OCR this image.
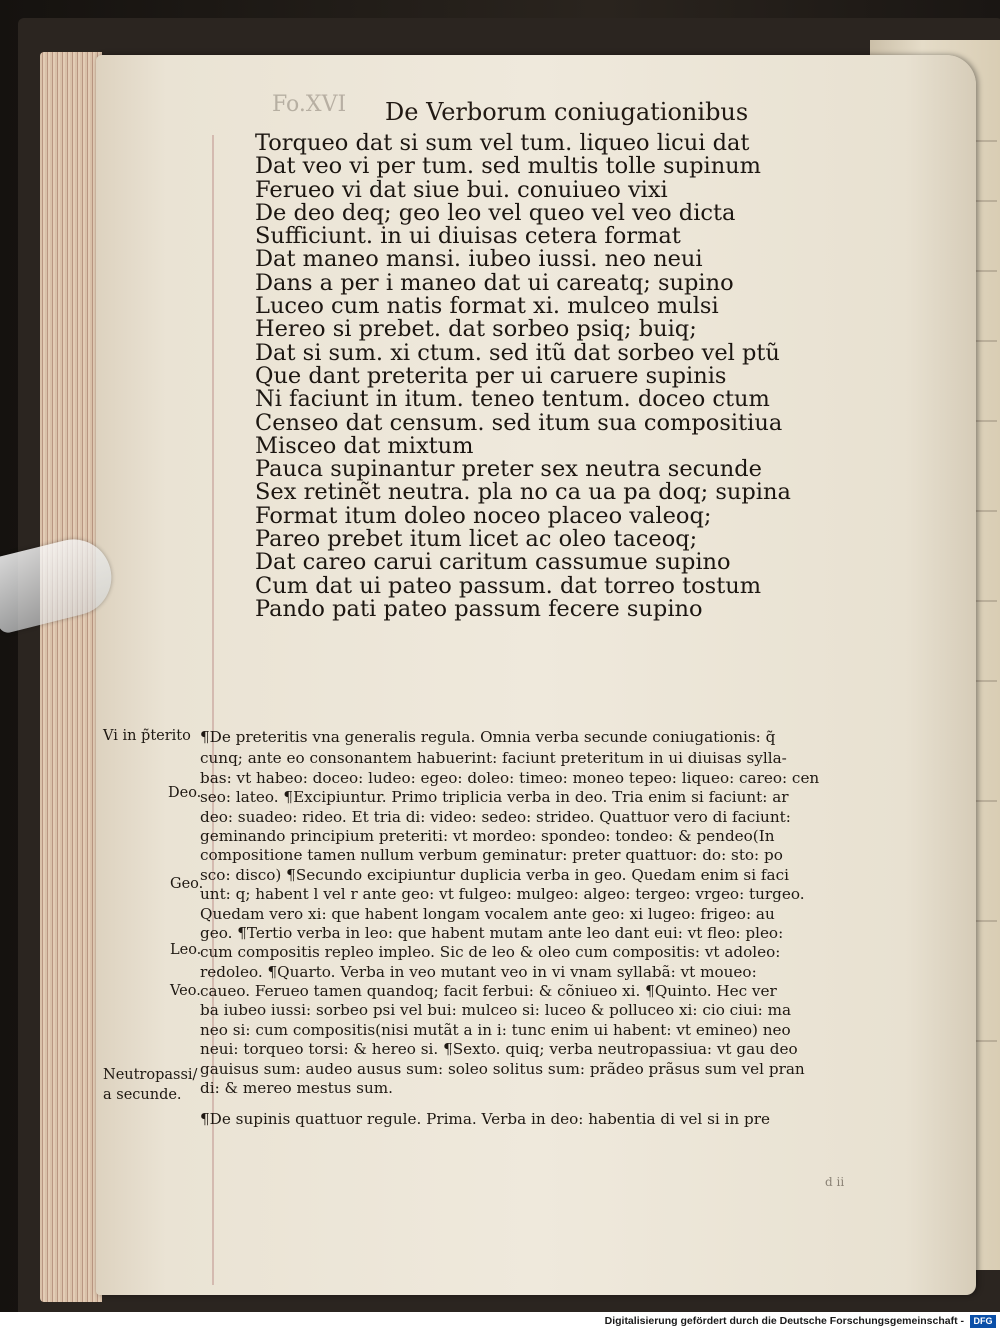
Fo.XVI De Verborum coniugationibus
Torqueo dat si sum vel tum. liqueo licui dat
Dat veo vi per tum. sed multis tolle supinum
Ferueo vi dat siue bui. conuiueo vixi
De deo deq; geo leo vel queo vel veo dicta
Sufficiunt. in ui diuisas cetera format
Dat maneo mansi. iubeo iussi. neo neui
Dans a per i maneo dat ui careatq; supino
Luceo cum natis format xi. mulceo mulsi
Hereo si prebet. dat sorbeo psiq; buiq;
Dat si sum. xi ctum. sed itũ dat sorbeo vel ptũ
Que dant preterita per ui caruere supinis
Ni faciunt in itum. teneo tentum. doceo ctum
Censeo dat censum. sed itum sua compositiua
Misceo dat mixtum
Pauca supinantur preter sex neutra secunde
Sex retinẽt neutra. pla no ca ua pa doq; supina
Format itum doleo noceo placeo valeoq;
Pareo prebet itum licet ac oleo taceoq;
Dat careo carui caritum cassumue supino
Cum dat ui pateo passum. dat torreo tostum
Pando pati pateo passum fecere supino
¶De preteritis vna generalis regula. Omnia verba secunde coniugationis: q̃
cunq; ante eo consonantem habuerint: faciunt preteritum in ui diuisas sylla-
bas: vt habeo: doceo: ludeo: egeo: doleo: timeo: moneo tepeo: liqueo: careo: cen
seo: lateo. ¶Excipiuntur. Primo triplicia verba in deo. Tria enim si faciunt: ar
deo: suadeo: rideo. Et tria di: video: sedeo: strideo. Quattuor vero di faciunt:
geminando principium preteriti: vt mordeo: spondeo: tondeo: & pendeo(In
compositione tamen nullum verbum geminatur: preter quattuor: do: sto: po
sco: disco) ¶Secundo excipiuntur duplicia verba in geo. Quedam enim si faci
unt: q; habent l vel r ante geo: vt fulgeo: mulgeo: algeo: tergeo: vrgeo: turgeo.
Quedam vero xi: que habent longam vocalem ante geo: xi lugeo: frigeo: au
geo. ¶Tertio verba in leo: que habent mutam ante leo dant eui: vt fleo: pleo:
cum compositis repleo impleo. Sic de leo & oleo cum compositis: vt adoleo:
redoleo. ¶Quarto. Verba in veo mutant veo in vi vnam syllabã: vt moueo:
caueo. Ferueo tamen quandoq; facit ferbui: & cõniueo xi. ¶Quinto. Hec ver
ba iubeo iussi: sorbeo psi vel bui: mulceo si: luceo & polluceo xi: cio ciui: ma
neo si: cum compositis(nisi mutãt a in i: tunc enim ui habent: vt emineo) neo
neui: torqueo torsi: & hereo si. ¶Sexto. quiq; verba neutropassiua: vt gau deo
gauisus sum: audeo ausus sum: soleo solitus sum: prãdeo prãsus sum vel pran
di: & mereo mestus sum.
¶De supinis quattuor regule. Prima. Verba in deo: habentia di vel si in pre
Vi in p̃terito
Deo.
Geo.
Leo.
Veo.
Neutropassi/
a secunde.
d ii
Digitalisierung gefördert durch die Deutsche Forschungsgemeinschaft -	DFG
